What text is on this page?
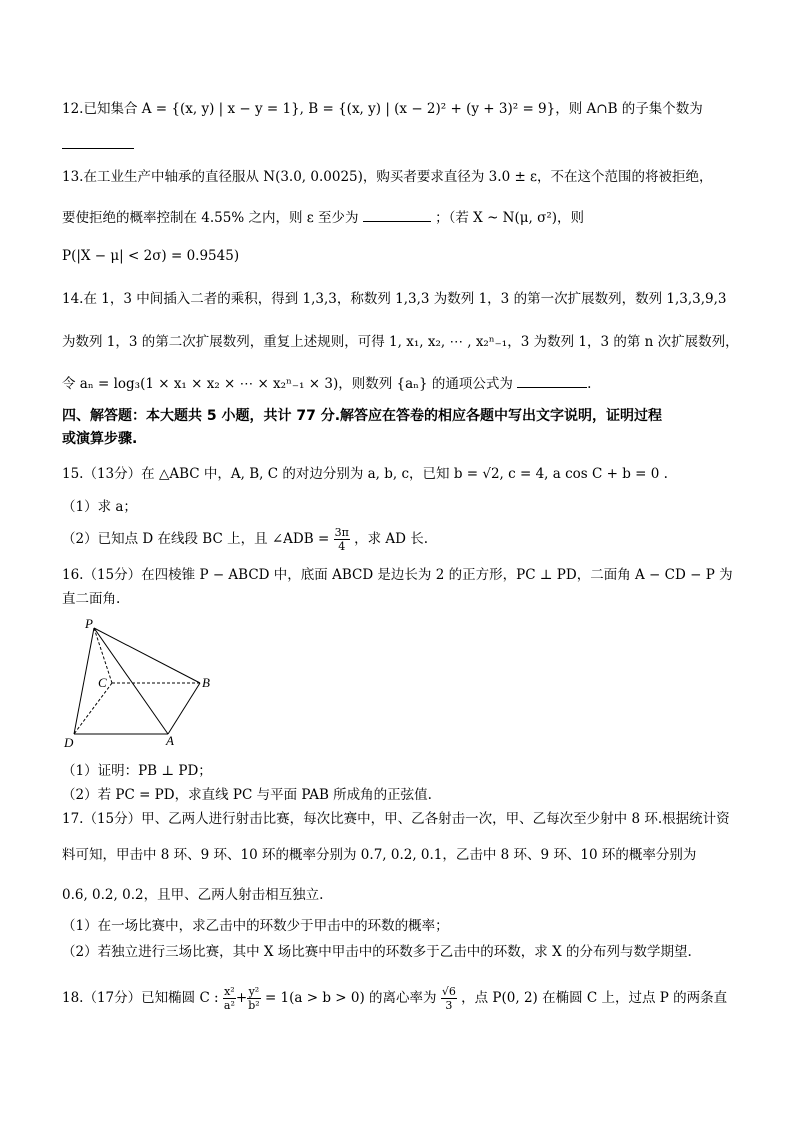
12.已知集合 A = {(x, y) | x − y = 1}, B = {(x, y) | (x − 2)² + (y + 3)² = 9}，则 A∩B 的子集个数为
13.在工业生产中轴承的直径服从 N(3.0, 0.0025)，购买者要求直径为 3.0 ± ε，不在这个范围的将被拒绝，
要使拒绝的概率控制在 4.55% 之内，则 ε 至少为	；（若 X ~ N(μ, σ²)，则
P(|X − μ| < 2σ) = 0.9545)
14.在 1，3 中间插入二者的乘积，得到 1,3,3，称数列 1,3,3 为数列 1，3 的第一次扩展数列，数列 1,3,3,9,3
为数列 1，3 的第二次扩展数列，重复上述规则，可得 1, x₁, x₂, ⋯ , x₂ⁿ₋₁，3 为数列 1，3 的第 n 次扩展数列，
令 aₙ = log₃(1 × x₁ × x₂ × ⋯ × x₂ⁿ₋₁ × 3)，则数列 {aₙ} 的通项公式为	.
四、解答题：本大题共 5 小题，共计 77 分.解答应在答卷的相应各题中写出文字说明，证明过程
或演算步骤.
15.（13分）在 △ABC 中，A, B, C 的对边分别为 a, b, c，已知 b = √2, c = 4, a cos C + b = 0 .
（1）求 a；
（2）已知点 D 在线段 BC 上，且 ∠ADB = $\frac{3\pi}{4}$ ，求 AD 长.
16.（15分）在四棱锥 P − ABCD 中，底面 ABCD 是边长为 2 的正方形，PC ⊥ PD，二面角 A − CD − P 为
直二面角.
P
C	B
D	A
（1）证明：PB ⊥ PD；
（2）若 PC = PD，求直线 PC 与平面 PAB 所成角的正弦值.
17.（15分）甲、乙两人进行射击比赛，每次比赛中，甲、乙各射击一次，甲、乙每次至少射中 8 环.根据统计资
料可知，甲击中 8 环、9 环、10 环的概率分别为 0.7, 0.2, 0.1，乙击中 8 环、9 环、10 环的概率分别为
0.6, 0.2, 0.2，且甲、乙两人射击相互独立.
（1）在一场比赛中，求乙击中的环数少于甲击中的环数的概率；
（2）若独立进行三场比赛，其中 X 场比赛中甲击中的环数多于乙击中的环数，求 X 的分布列与数学期望.
18.（17分）已知椭圆 C : $\frac{\text{x²}}{\text{a²}} + \frac{\text{y²}}{\text{b²}} = 1(a > b > 0)$ 的离心率为 $\frac{√6}{3}$ ，点 P(0, 2) 在椭圆 C 上，过点 P 的两条直
